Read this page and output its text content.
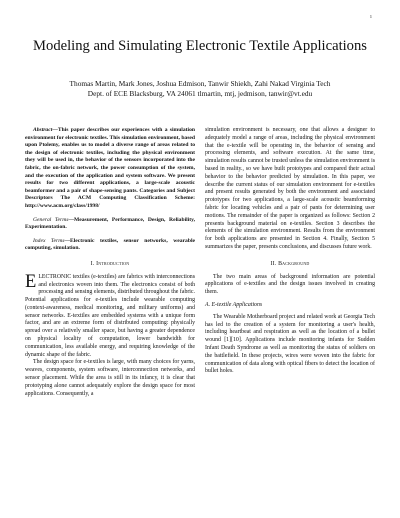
1
Modeling and Simulating Electronic Textile Applications
Thomas Martin, Mark Jones, Joshua Edmison, Tanwir Shiekh, Zahi Nakad Virginia Tech
Dept. of ECE Blacksburg, VA 24061 tlmartin, mtj, jedmison, tanwir@vt.edu

Abstract—This paper describes our experiences with a simulation environment for electronic textiles. This simulation environment, based upon Ptolemy, enables us to model a diverse range of areas related to the design of electronic textiles, including the physical environment they will be used in, the behavior of the sensors incorporated into the fabric, the on-fabric network, the power consumption of the system, and the execution of the application and system software. We present results for two different applications, a large-scale acoustic beamformer and a pair of shape-sensing pants. Categories and Subject Descriptors The ACM Computing Classification Scheme: http://www.acm.org/class/1998/

General Terms—Measurement, Performance, Design, Reliability, Experimentation.

Index Terms—Electronic textiles, sensor networks, wearable computing, simulation.

I. Introduction

ELECTRONIC textiles (e-textiles) are fabrics with interconnections and electronics woven into them. The electronics consist of both processing and sensing elements, distributed throughout the fabric. Potential applications for e-textiles include wearable computing (context-awareness, medical monitoring, and military uniforms) and sensor networks. E-textiles are embedded systems with a unique form factor, and are an extreme form of distributed computing: physically spread over a relatively smaller space, but having a greater dependence on physical locality of computation, lower bandwidth for communication, less available energy, and requiring knowledge of the dynamic shape of the fabric.

The design space for e-textiles is large, with many choices for yarns, weaves, components, system software, interconnection networks, and sensor placement. While the area is still in its infancy, it is clear that prototyping alone cannot adequately explore the design space for most applications. Consequently, a

simulation environment is necessary, one that allows a designer to adequately model a range of areas, including the physical environment that the e-textile will be operating in, the behavior of sensing and processing elements, and software execution. At the same time, simulation results cannot be trusted unless the simulation environment is based in reality., so we have built prototypes and compared their actual behavior to the behavior predicted by simulation. In this paper, we describe the current status of our simulation environment for e-textiles and present results generated by both the environment and associated prototypes for two applications, a large-scale acoustic beamforming fabric for locating vehicles and a pair of pants for determining user motions. The remainder of the paper is organized as follows: Section 2 presents background material on e-textiles. Section 3 describes the elements of the simulation environment. Results from the environment for both applications are presented in Section 4. Finally, Section 5 summarizes the paper, presents conclusions, and discusses future work.

II. Background

The two main areas of background information are potential applications of e-textiles and the design issues involved in creating them.

A. E-textile Applications

The Wearable Motherboard project and related work at Georgia Tech has led to the creation of a system for monitoring a user's health, including heartbeat and respiration as well as the location of a bullet wound [1][10]. Applications include monitoring infants for Sudden Infant Death Syndrome as well as monitoring the status of soldiers on the battlefield. In these projects, wires were woven into the fabric for communication of data along with optical fibers to detect the location of bullet holes.
